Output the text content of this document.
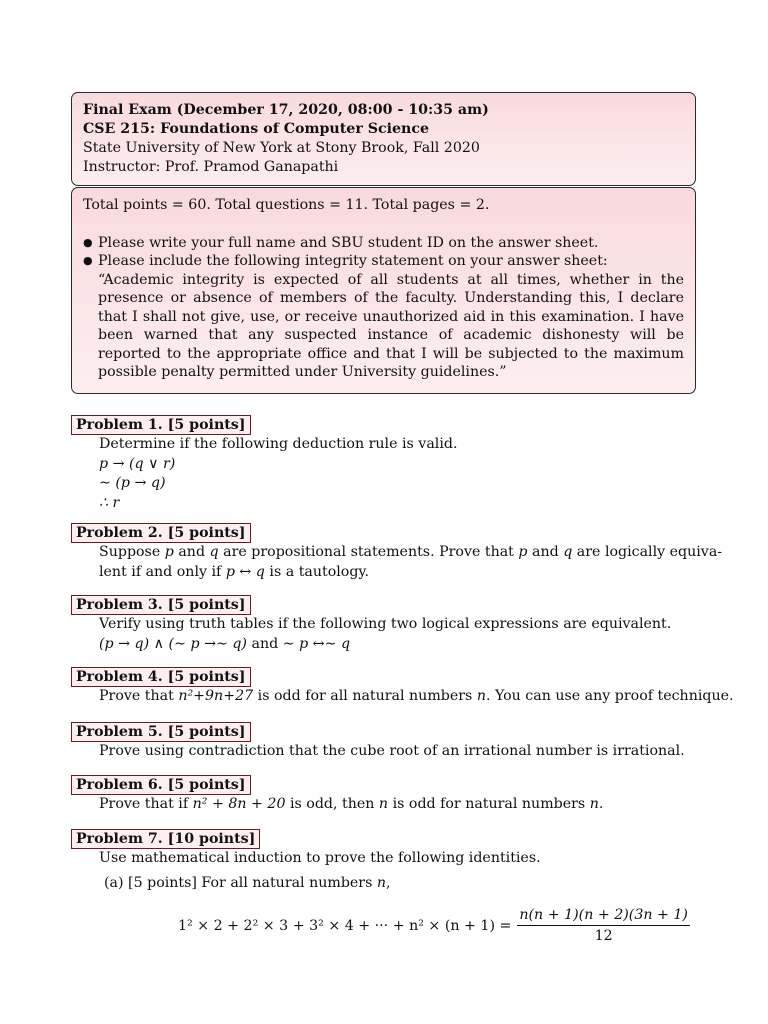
Final Exam (December 17, 2020, 08:00 - 10:35 am)
CSE 215: Foundations of Computer Science
State University of New York at Stony Brook, Fall 2020
Instructor: Prof. Pramod Ganapathi
Total points = 60. Total questions = 11. Total pages = 2.
● Please write your full name and SBU student ID on the answer sheet.
● Please include the following integrity statement on your answer sheet:
“Academic integrity is expected of all students at all times, whether in the presence or absence of members of the faculty. Understanding this, I declare that I shall not give, use, or receive unauthorized aid in this examination. I have been warned that any suspected instance of academic dishonesty will be reported to the appropriate office and that I will be subjected to the maximum possible penalty permitted under University guidelines.”
Problem 1. [5 points]
Determine if the following deduction rule is valid.
p → (q ∨ r)
∼ (p → q)
∴ r
Problem 2. [5 points]
Suppose p and q are propositional statements. Prove that p and q are logically equiva-
lent if and only if p ↔ q is a tautology.
Problem 3. [5 points]
Verify using truth tables if the following two logical expressions are equivalent.
(p → q) ∧ (∼ p →∼ q) and ∼ p ↔∼ q
Problem 4. [5 points]
Prove that n²+9n+27 is odd for all natural numbers n. You can use any proof technique.
Problem 5. [5 points]
Prove using contradiction that the cube root of an irrational number is irrational.
Problem 6. [5 points]
Prove that if n² + 8n + 20 is odd, then n is odd for natural numbers n.
Problem 7. [10 points]
Use mathematical induction to prove the following identities.
(a) [5 points] For all natural numbers n,
1² × 2 + 2² × 3 + 3² × 4 + ··· + $n^2 \times (n + 1) = \frac{n(n + 1)(n + 2)(3n + 1)}{12}$
